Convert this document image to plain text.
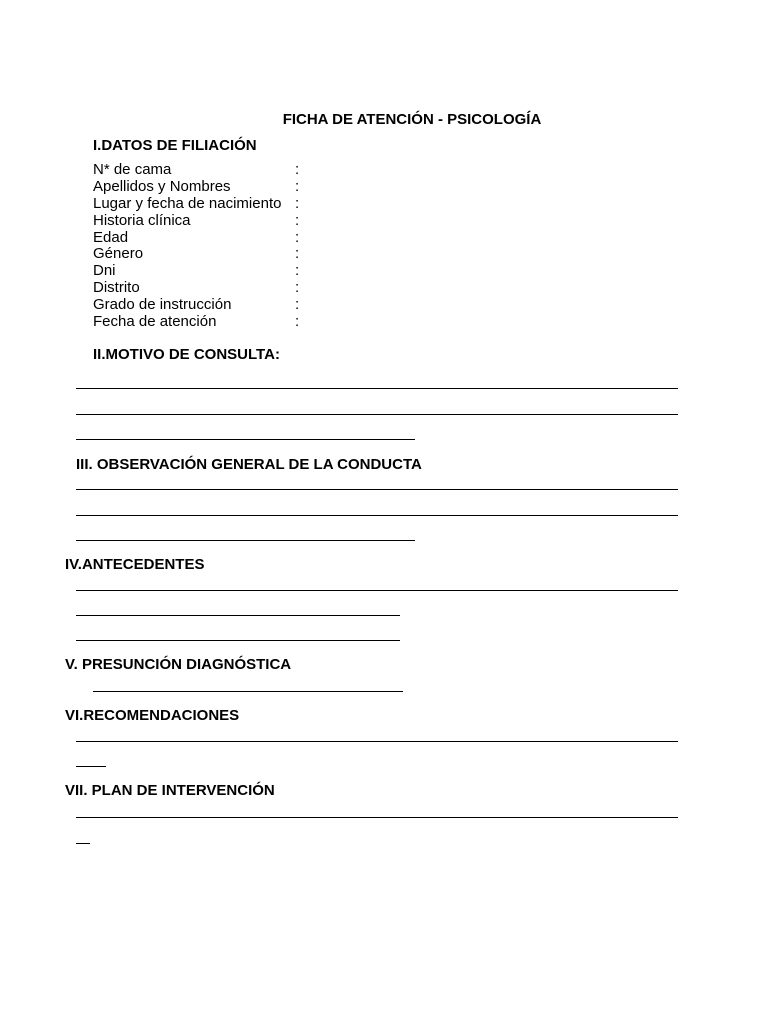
FICHA DE ATENCIÓN - PSICOLOGÍA
I.DATOS DE FILIACIÓN
N* de cama	:
Apellidos y Nombres	:
Lugar y fecha de nacimiento :
Historia clínica	:
Edad	:
Género	:
Dni	:
Distrito	:
Grado de instrucción	:
Fecha de atención	:
II.MOTIVO DE CONSULTA:
III. OBSERVACIÓN GENERAL DE LA CONDUCTA
IV.ANTECEDENTES
V. PRESUNCIÓN DIAGNÓSTICA
VI.RECOMENDACIONES
VII. PLAN DE INTERVENCIÓN
